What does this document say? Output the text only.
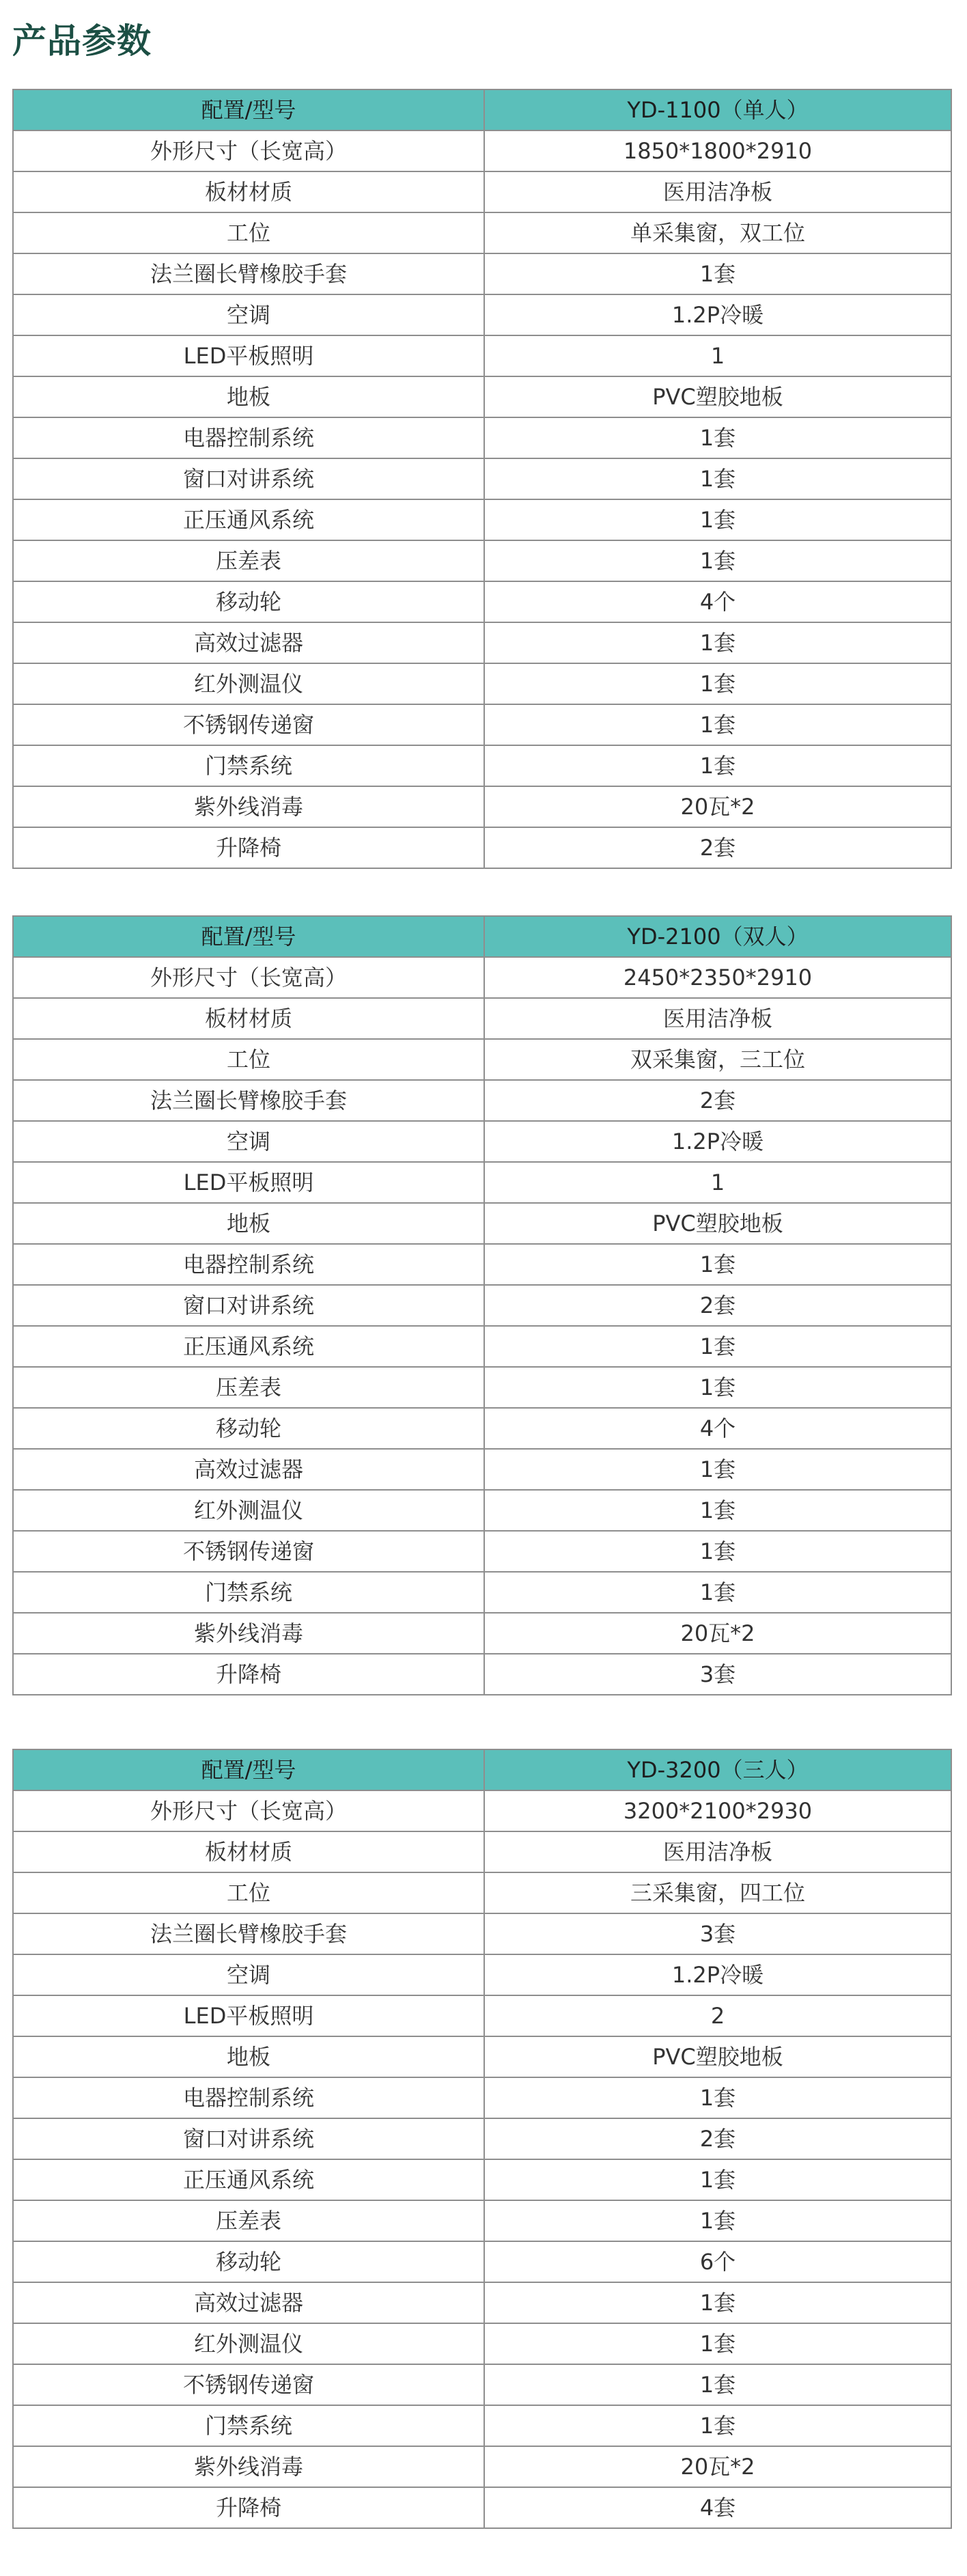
产品参数
配置/型号	YD-1100（单人）
外形尺寸（长宽高）	1850*1800*2910
板材材质	医用洁净板
工位	单采集窗，双工位
法兰圈长臂橡胶手套	1套
空调	1.2P冷暖
LED平板照明	1
地板	PVC塑胶地板
电器控制系统	1套
窗口对讲系统	1套
正压通风系统	1套
压差表	1套
移动轮	4个
高效过滤器	1套
红外测温仪	1套
不锈钢传递窗	1套
门禁系统	1套
紫外线消毒	20瓦*2
升降椅	2套
配置/型号	YD-2100（双人）
外形尺寸（长宽高）	2450*2350*2910
板材材质	医用洁净板
工位	双采集窗，三工位
法兰圈长臂橡胶手套	2套
空调	1.2P冷暖
LED平板照明	1
地板	PVC塑胶地板
电器控制系统	1套
窗口对讲系统	2套
正压通风系统	1套
压差表	1套
移动轮	4个
高效过滤器	1套
红外测温仪	1套
不锈钢传递窗	1套
门禁系统	1套
紫外线消毒	20瓦*2
升降椅	3套
配置/型号	YD-3200（三人）
外形尺寸（长宽高）	3200*2100*2930
板材材质	医用洁净板
工位	三采集窗，四工位
法兰圈长臂橡胶手套	3套
空调	1.2P冷暖
LED平板照明	2
地板	PVC塑胶地板
电器控制系统	1套
窗口对讲系统	2套
正压通风系统	1套
压差表	1套
移动轮	6个
高效过滤器	1套
红外测温仪	1套
不锈钢传递窗	1套
门禁系统	1套
紫外线消毒	20瓦*2
升降椅	4套
